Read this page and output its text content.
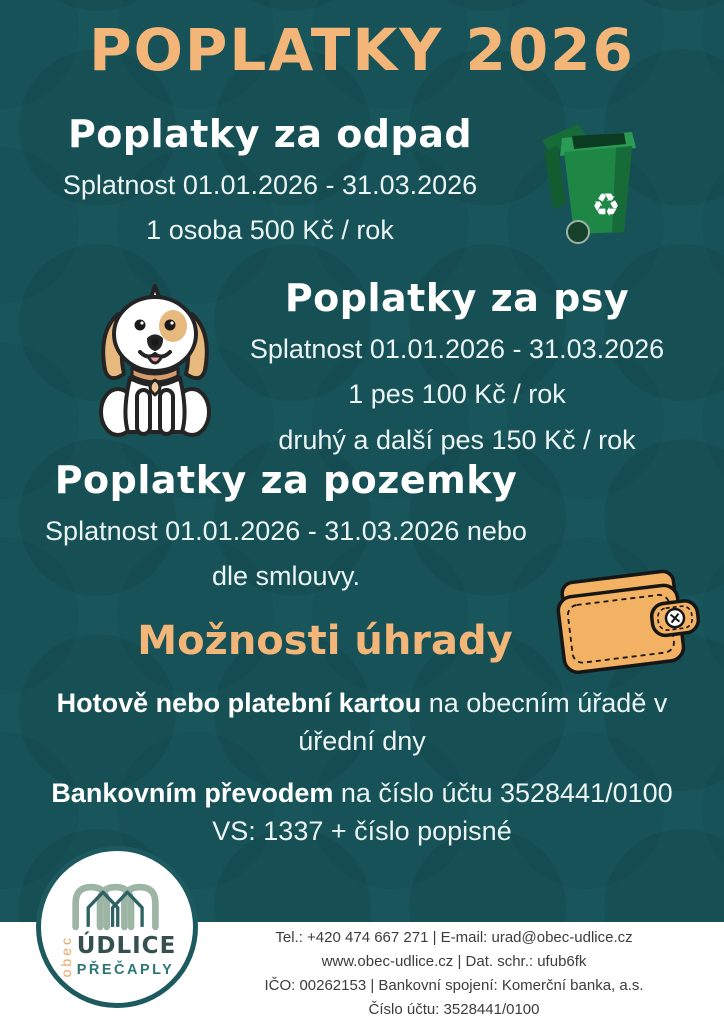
POPLATKY 2026
Poplatky za odpad
Splatnost 01.01.2026 - 31.03.2026
1 osoba 500 Kč / rok
♻
Poplatky za psy
Splatnost 01.01.2026 - 31.03.2026
1 pes 100 Kč / rok
druhý a další pes 150 Kč / rok
Poplatky za pozemky
Splatnost 01.01.2026 - 31.03.2026 nebo
dle smlouvy.
Možnosti úhrady
Hotově nebo platební kartou na obecním úřadě v úřední dny
Bankovním převodem na číslo účtu 3528441/0100
VS: 1337 + číslo popisné
obec ÚDLICE
PŘEČAPLY
Tel.: +420 474 667 271 | E-mail: urad@obec-udlice.cz
www.obec-udlice.cz | Dat. schr.: ufub6fk
IČO: 00262153 | Bankovní spojení: Komerční banka, a.s.
Číslo účtu: 3528441/0100
